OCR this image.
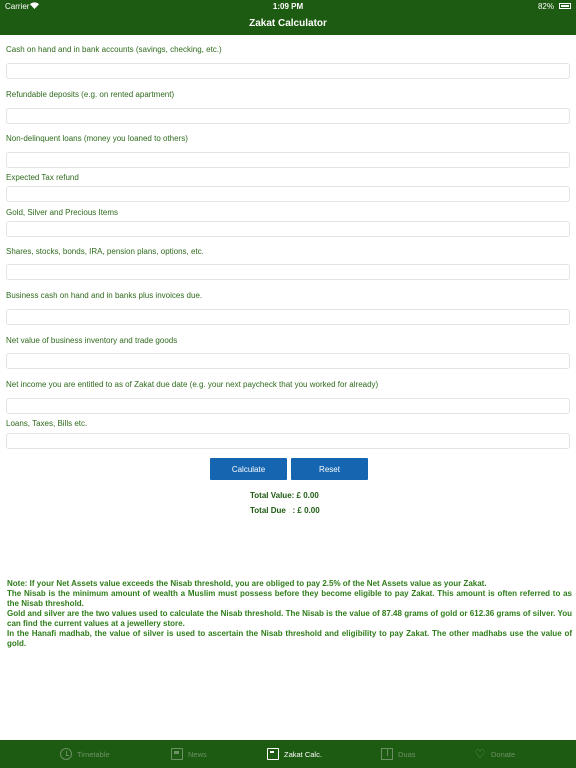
Carrier	1:09 PM	82%
Zakat Calculator
Cash on hand and in bank accounts (savings, checking, etc.)
Refundable deposits (e.g. on rented apartment)
Non-delinquent loans (money you loaned to others)
Expected Tax refund
Gold, Silver and Precious Items
Shares, stocks, bonds, IRA, pension plans, options, etc.
Business cash on hand and in banks plus invoices due.
Net value of business inventory and trade goods
Net income you are entitled to as of Zakat due date (e.g. your next paycheck that you worked for already)
Loans, Taxes, Bills etc.
Calculate	Reset
Total Value: £ 0.00
Total Due   : £ 0.00

Note: If your Net Assets value exceeds the Nisab threshold, you are obliged to pay 2.5% of the Net Assets value as your Zakat.

The Nisab is the minimum amount of wealth a Muslim must possess before they become eligible to pay Zakat. This amount is often referred to as the Nisab threshold.

Gold and silver are the two values used to calculate the Nisab threshold. The Nisab is the value of 87.48 grams of gold or 612.36 grams of silver. You can find the current values at a jewellery store.

In the Hanafi madhab, the value of silver is used to ascertain the Nisab threshold and eligibility to pay Zakat. The other madhabs use the value of gold.

Timetable	News	Zakat Calc.	Duas	♡ Donate
